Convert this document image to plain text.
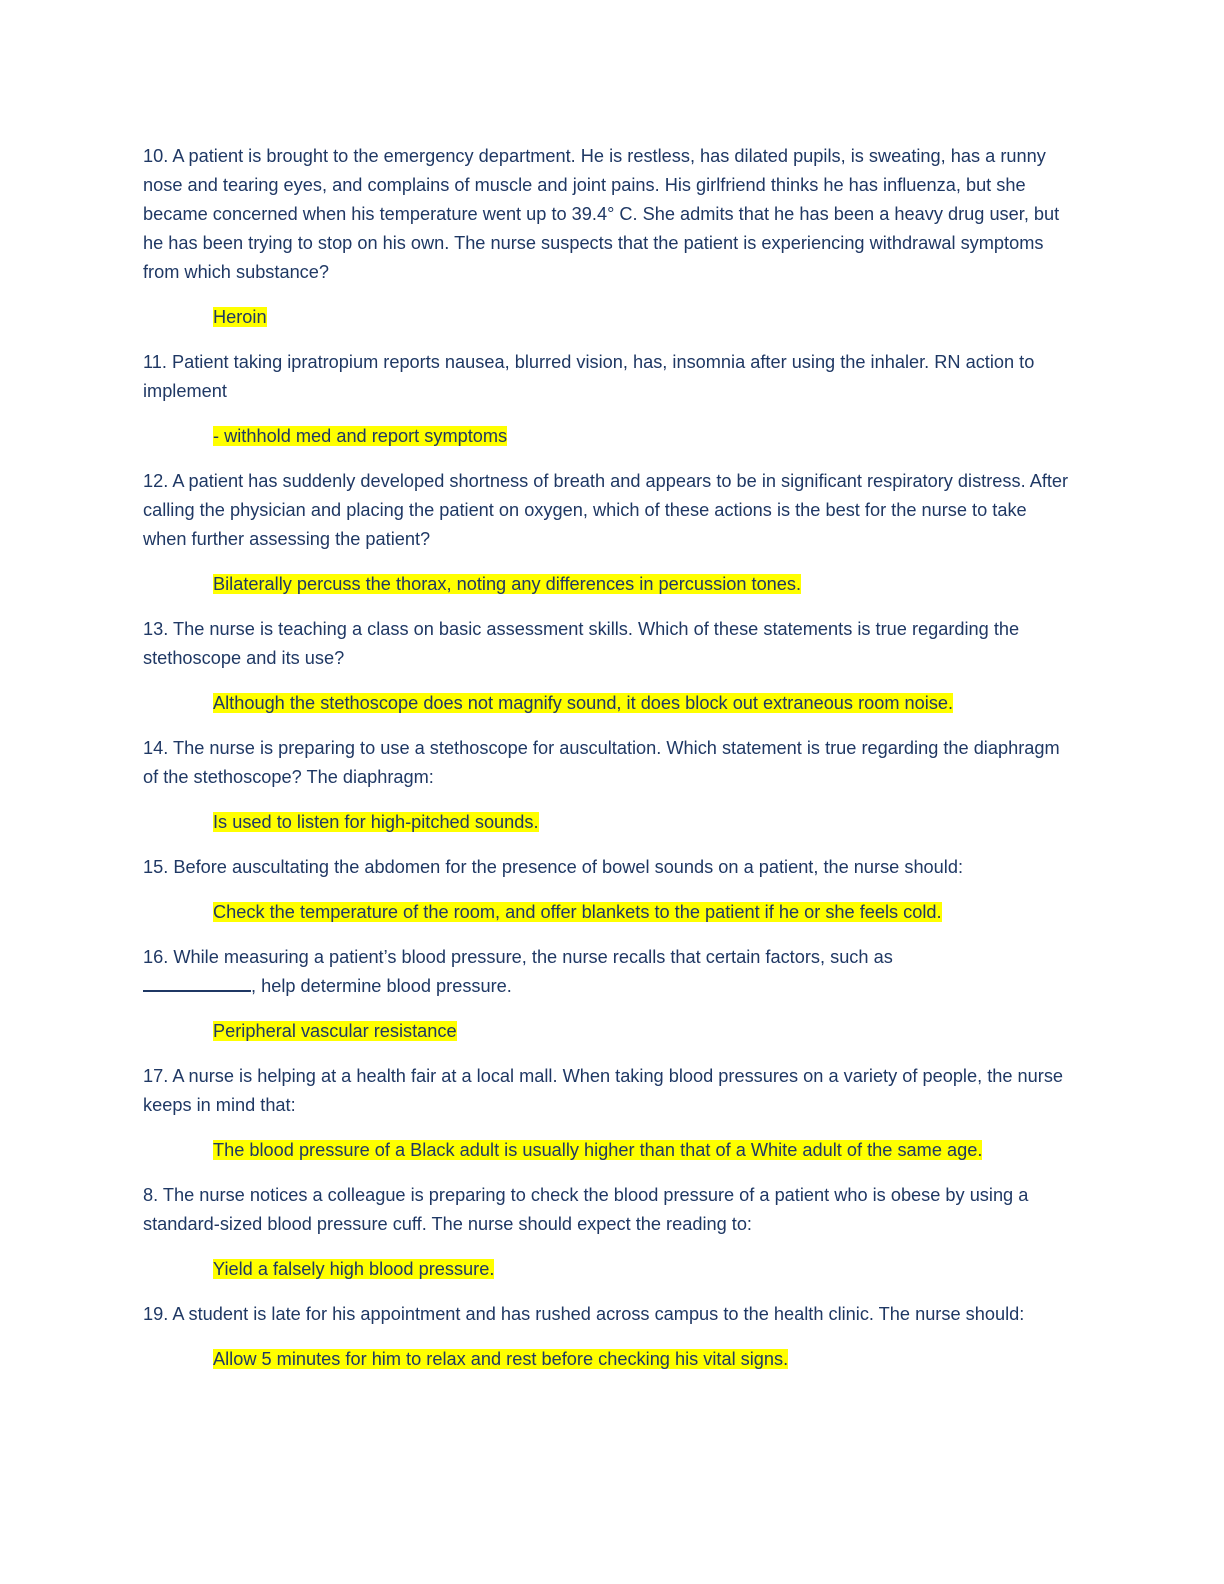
10. A patient is brought to the emergency department. He is restless, has dilated pupils, is sweating, has a runny nose and tearing eyes, and complains of muscle and joint pains. His girlfriend thinks he has influenza, but she became concerned when his temperature went up to 39.4° C. She admits that he has been a heavy drug user, but he has been trying to stop on his own. The nurse suspects that the patient is experiencing withdrawal symptoms from which substance?

Heroin

11. Patient taking ipratropium reports nausea, blurred vision, has, insomnia after using the inhaler. RN action to implement

- withhold med and report symptoms

12. A patient has suddenly developed shortness of breath and appears to be in significant respiratory distress. After calling the physician and placing the patient on oxygen, which of these actions is the best for the nurse to take when further assessing the patient?

Bilaterally percuss the thorax, noting any differences in percussion tones.

13. The nurse is teaching a class on basic assessment skills. Which of these statements is true regarding the stethoscope and its use?

Although the stethoscope does not magnify sound, it does block out extraneous room noise.

14. The nurse is preparing to use a stethoscope for auscultation. Which statement is true regarding the diaphragm of the stethoscope? The diaphragm:

Is used to listen for high-pitched sounds.

15. Before auscultating the abdomen for the presence of bowel sounds on a patient, the nurse should:

Check the temperature of the room, and offer blankets to the patient if he or she feels cold.

16. While measuring a patient’s blood pressure, the nurse recalls that certain factors, such as
, help determine blood pressure.

Peripheral vascular resistance

17. A nurse is helping at a health fair at a local mall. When taking blood pressures on a variety of people, the nurse keeps in mind that:

The blood pressure of a Black adult is usually higher than that of a White adult of the same age.

8. The nurse notices a colleague is preparing to check the blood pressure of a patient who is obese by using a standard-sized blood pressure cuff. The nurse should expect the reading to:

Yield a falsely high blood pressure.

19. A student is late for his appointment and has rushed across campus to the health clinic. The nurse should:

Allow 5 minutes for him to relax and rest before checking his vital signs.
